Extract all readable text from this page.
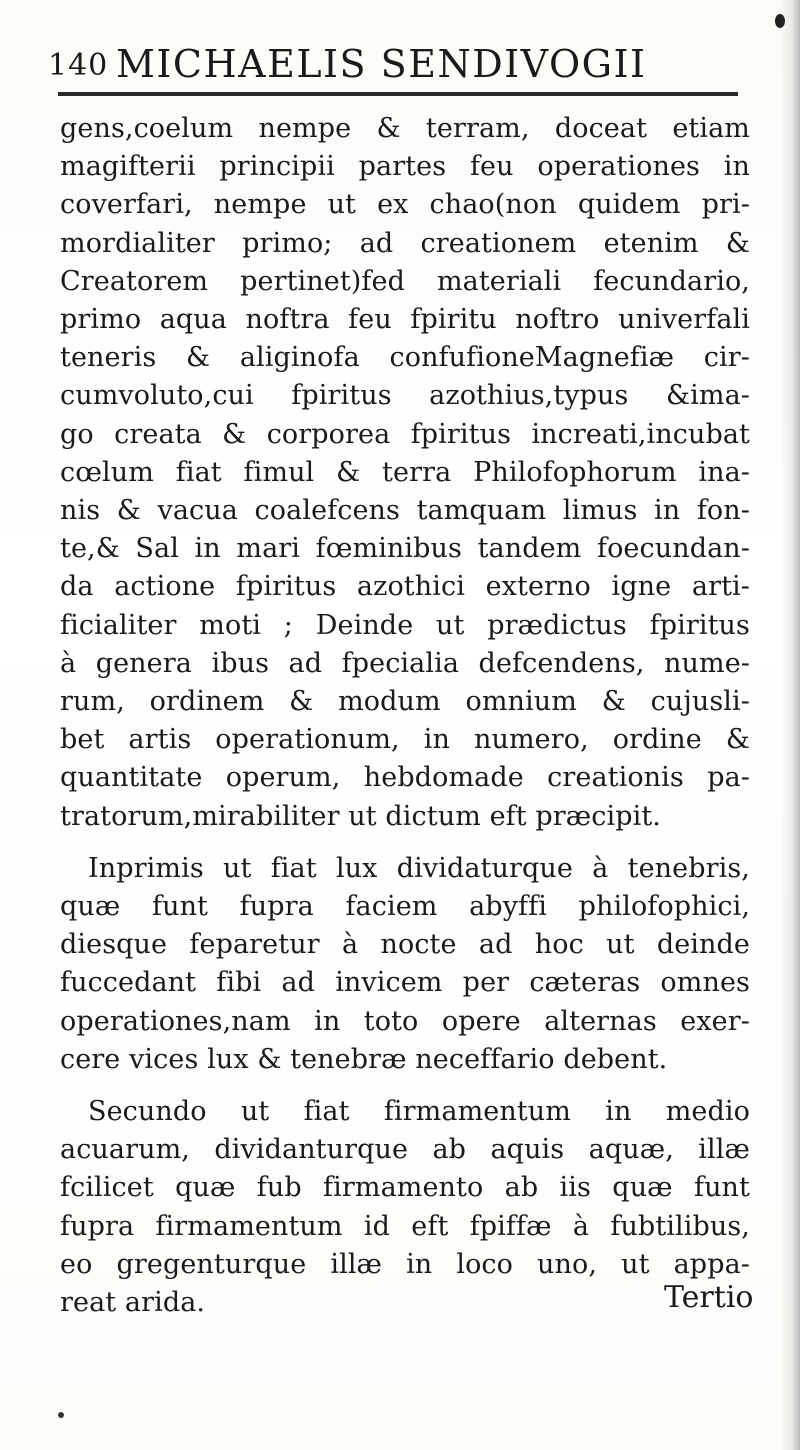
140 MICHAELIS SENDIVOGII
gens,coelum nempe & terram, doceat etiam
magifterii principii partes feu operationes in
coverfari, nempe ut ex chao(non quidem pri-
mordialiter primo; ad creationem etenim &
Creatorem pertinet)fed materiali fecundario,
primo aqua noftra feu fpiritu noftro univerfali
teneris & aliginofa confufioneMagnefiæ cir-
cumvoluto,cui fpiritus azothius,typus &ima-
go creata & corporea fpiritus increati,incubat
cœlum fiat fimul & terra Philofophorum ina-
nis & vacua coalefcens tamquam limus in fon-
te,& Sal in mari fœminibus tandem foecundan-
da actione fpiritus azothici externo igne arti-
ficialiter moti ; Deinde ut prædictus fpiritus
à genera ibus ad fpecialia defcendens, nume-
rum, ordinem & modum omnium & cujusli-
bet artis operationum, in numero, ordine &
quantitate operum, hebdomade creationis pa-
tratorum,mirabiliter ut dictum eft præcipit.
Inprimis ut fiat lux dividaturque à tenebris,
quæ funt fupra faciem abyffi philofophici,
diesque feparetur à nocte ad hoc ut deinde
fuccedant fibi ad invicem per cæteras omnes
operationes,nam in toto opere alternas exer-
cere vices lux & tenebræ neceffario debent.
Secundo ut fiat firmamentum in medio
acuarum, dividanturque ab aquis aquæ, illæ
fcilicet quæ fub firmamento ab iis quæ funt
fupra firmamentum id eft fpiffæ à fubtilibus,
eo gregenturque illæ in loco uno, ut appa-
reat arida.	Tertio
